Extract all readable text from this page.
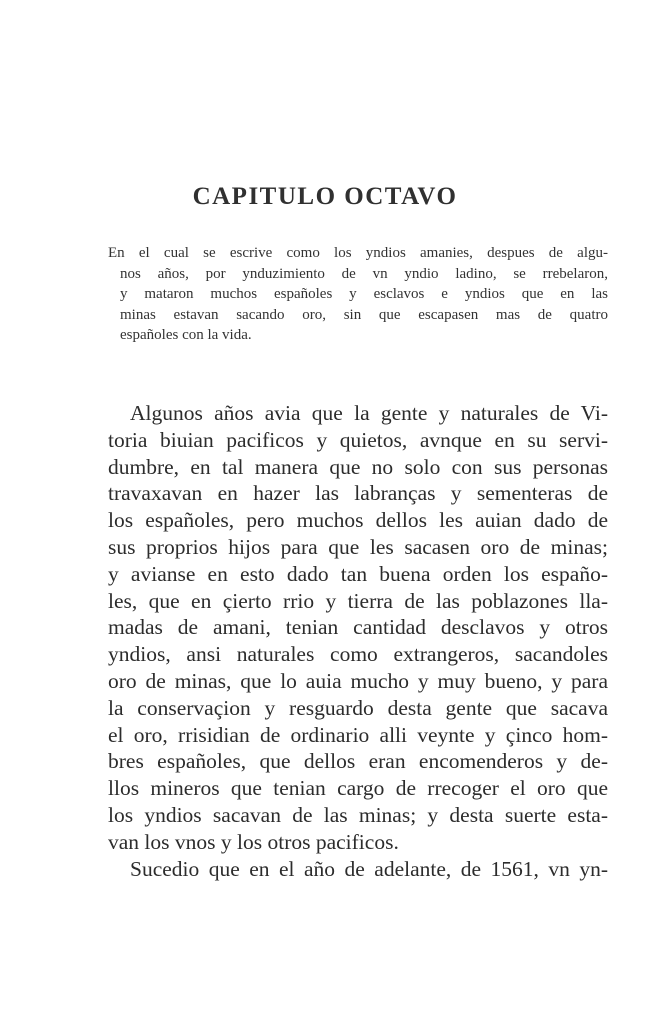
CAPITULO OCTAVO
En el cual se escrive como los yndios amanies, despues de algu-
nos años, por ynduzimiento de vn yndio ladino, se rrebelaron,
y mataron muchos españoles y esclavos e yndios que en las
minas estavan sacando oro, sin que escapasen mas de quatro
españoles con la vida.
Algunos años avia que la gente y naturales de Vi-
toria biuian pacificos y quietos, avnque en su servi-
dumbre, en tal manera que no solo con sus personas
travaxavan en hazer las labranças y sementeras de
los españoles, pero muchos dellos les auian dado de
sus proprios hijos para que les sacasen oro de minas;
y avianse en esto dado tan buena orden los españo-
les, que en çierto rrio y tierra de las poblazones lla-
madas de amani, tenian cantidad desclavos y otros
yndios, ansi naturales como extrangeros, sacandoles
oro de minas, que lo auia mucho y muy bueno, y para
la conservaçion y resguardo desta gente que sacava
el oro, rrisidian de ordinario alli veynte y çinco hom-
bres españoles, que dellos eran encomenderos y de-
llos mineros que tenian cargo de rrecoger el oro que
los yndios sacavan de las minas; y desta suerte esta-
van los vnos y los otros pacificos.
Sucedio que en el año de adelante, de 1561, vn yn-
